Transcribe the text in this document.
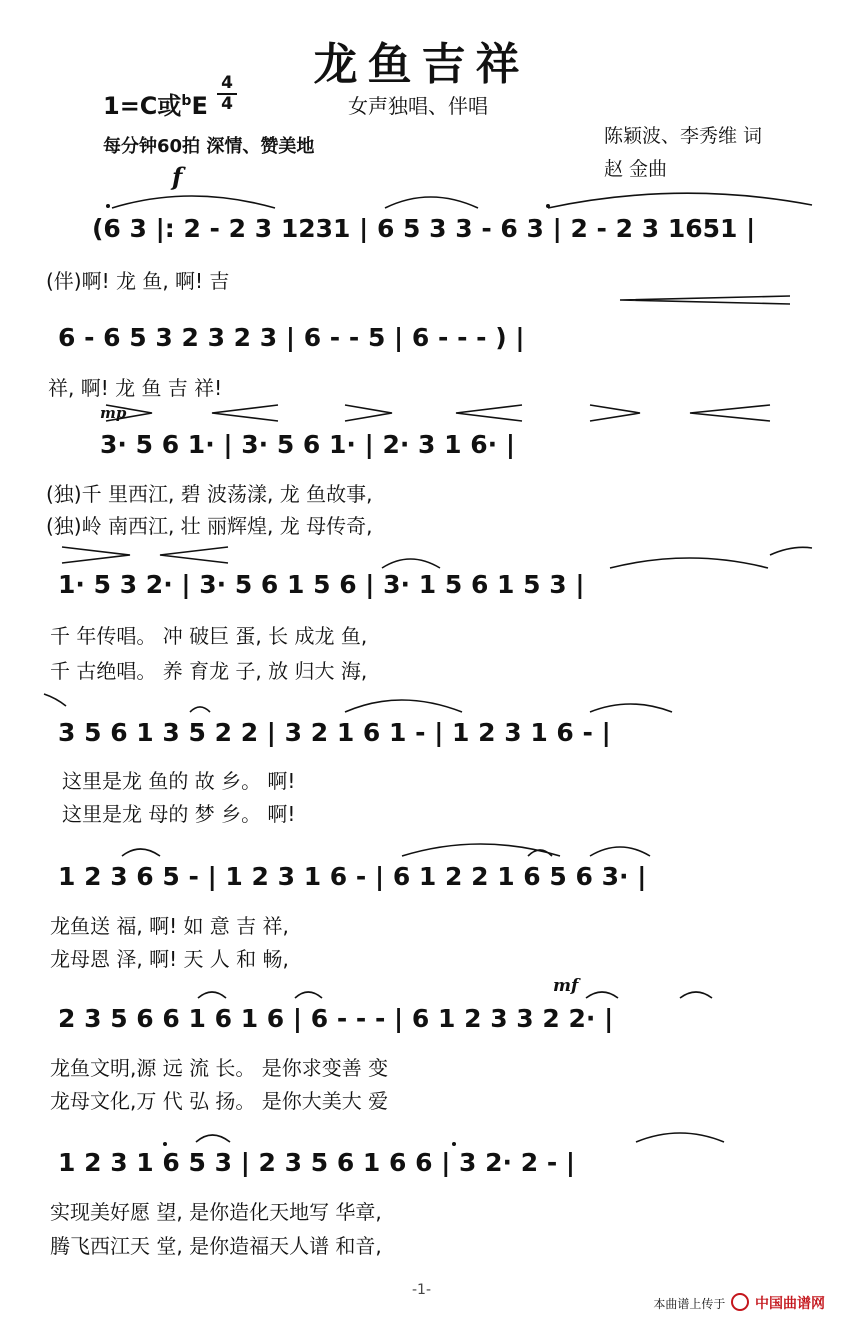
龙鱼吉祥
1=C或$^b$E
4
4	女声独唱、伴唱
每分钟60拍 深情、赞美地	陈颖波、李秀维 词
赵 金曲
f
mp
mf
(6 3 |: 2 - 2 3 1231 | 6 5 3 3 - 6 3 | 2 - 2 3 1651 |
(伴)啊! 龙 鱼, 啊! 吉
6 - 6 5 3 2 3 2 3 | 6 - - 5 | 6 - - - ) |
祥, 啊! 龙 鱼 吉 祥!
3· 5 6 1· | 3· 5 6 1· | 2· 3 1 6· |
(独)千 里西江, 碧 波荡漾, 龙 鱼故事,
(独)岭 南西江, 壮 丽辉煌, 龙 母传奇,
1· 5 3 2· | 3· 5 6 1 5 6 | 3· 1 5 6 1 5 3 |
千 年传唱。 冲 破巨 蛋, 长 成龙 鱼,
千 古绝唱。 养 育龙 子, 放 归大 海,
3 5 6 1 3 5 2 2 | 3 2 1 6 1 - | 1 2 3 1 6 - |
这里是龙 鱼的 故 乡。 啊!
这里是龙 母的 梦 乡。 啊!
1 2 3 6 5 - | 1 2 3 1 6 - | 6 1 2 2 1 6 5 6 3· |
龙鱼送 福, 啊! 如 意 吉 祥,
龙母恩 泽, 啊! 天 人 和 畅,
2 3 5 6 6 1 6 1 6 | 6 - - - | 6 1 2 3 3 2 2· |
龙鱼文明,源 远 流 长。 是你求变善 变
龙母文化,万 代 弘 扬。 是你大美大 爱
1 2 3 1 6 5 3 | 2 3 5 6 1 6 6 | 3 2· 2 - |
实现美好愿 望, 是你造化天地写 华章,
腾飞西江天 堂, 是你造福天人谱 和音,
-1-
本曲谱上传于 中国曲谱网
